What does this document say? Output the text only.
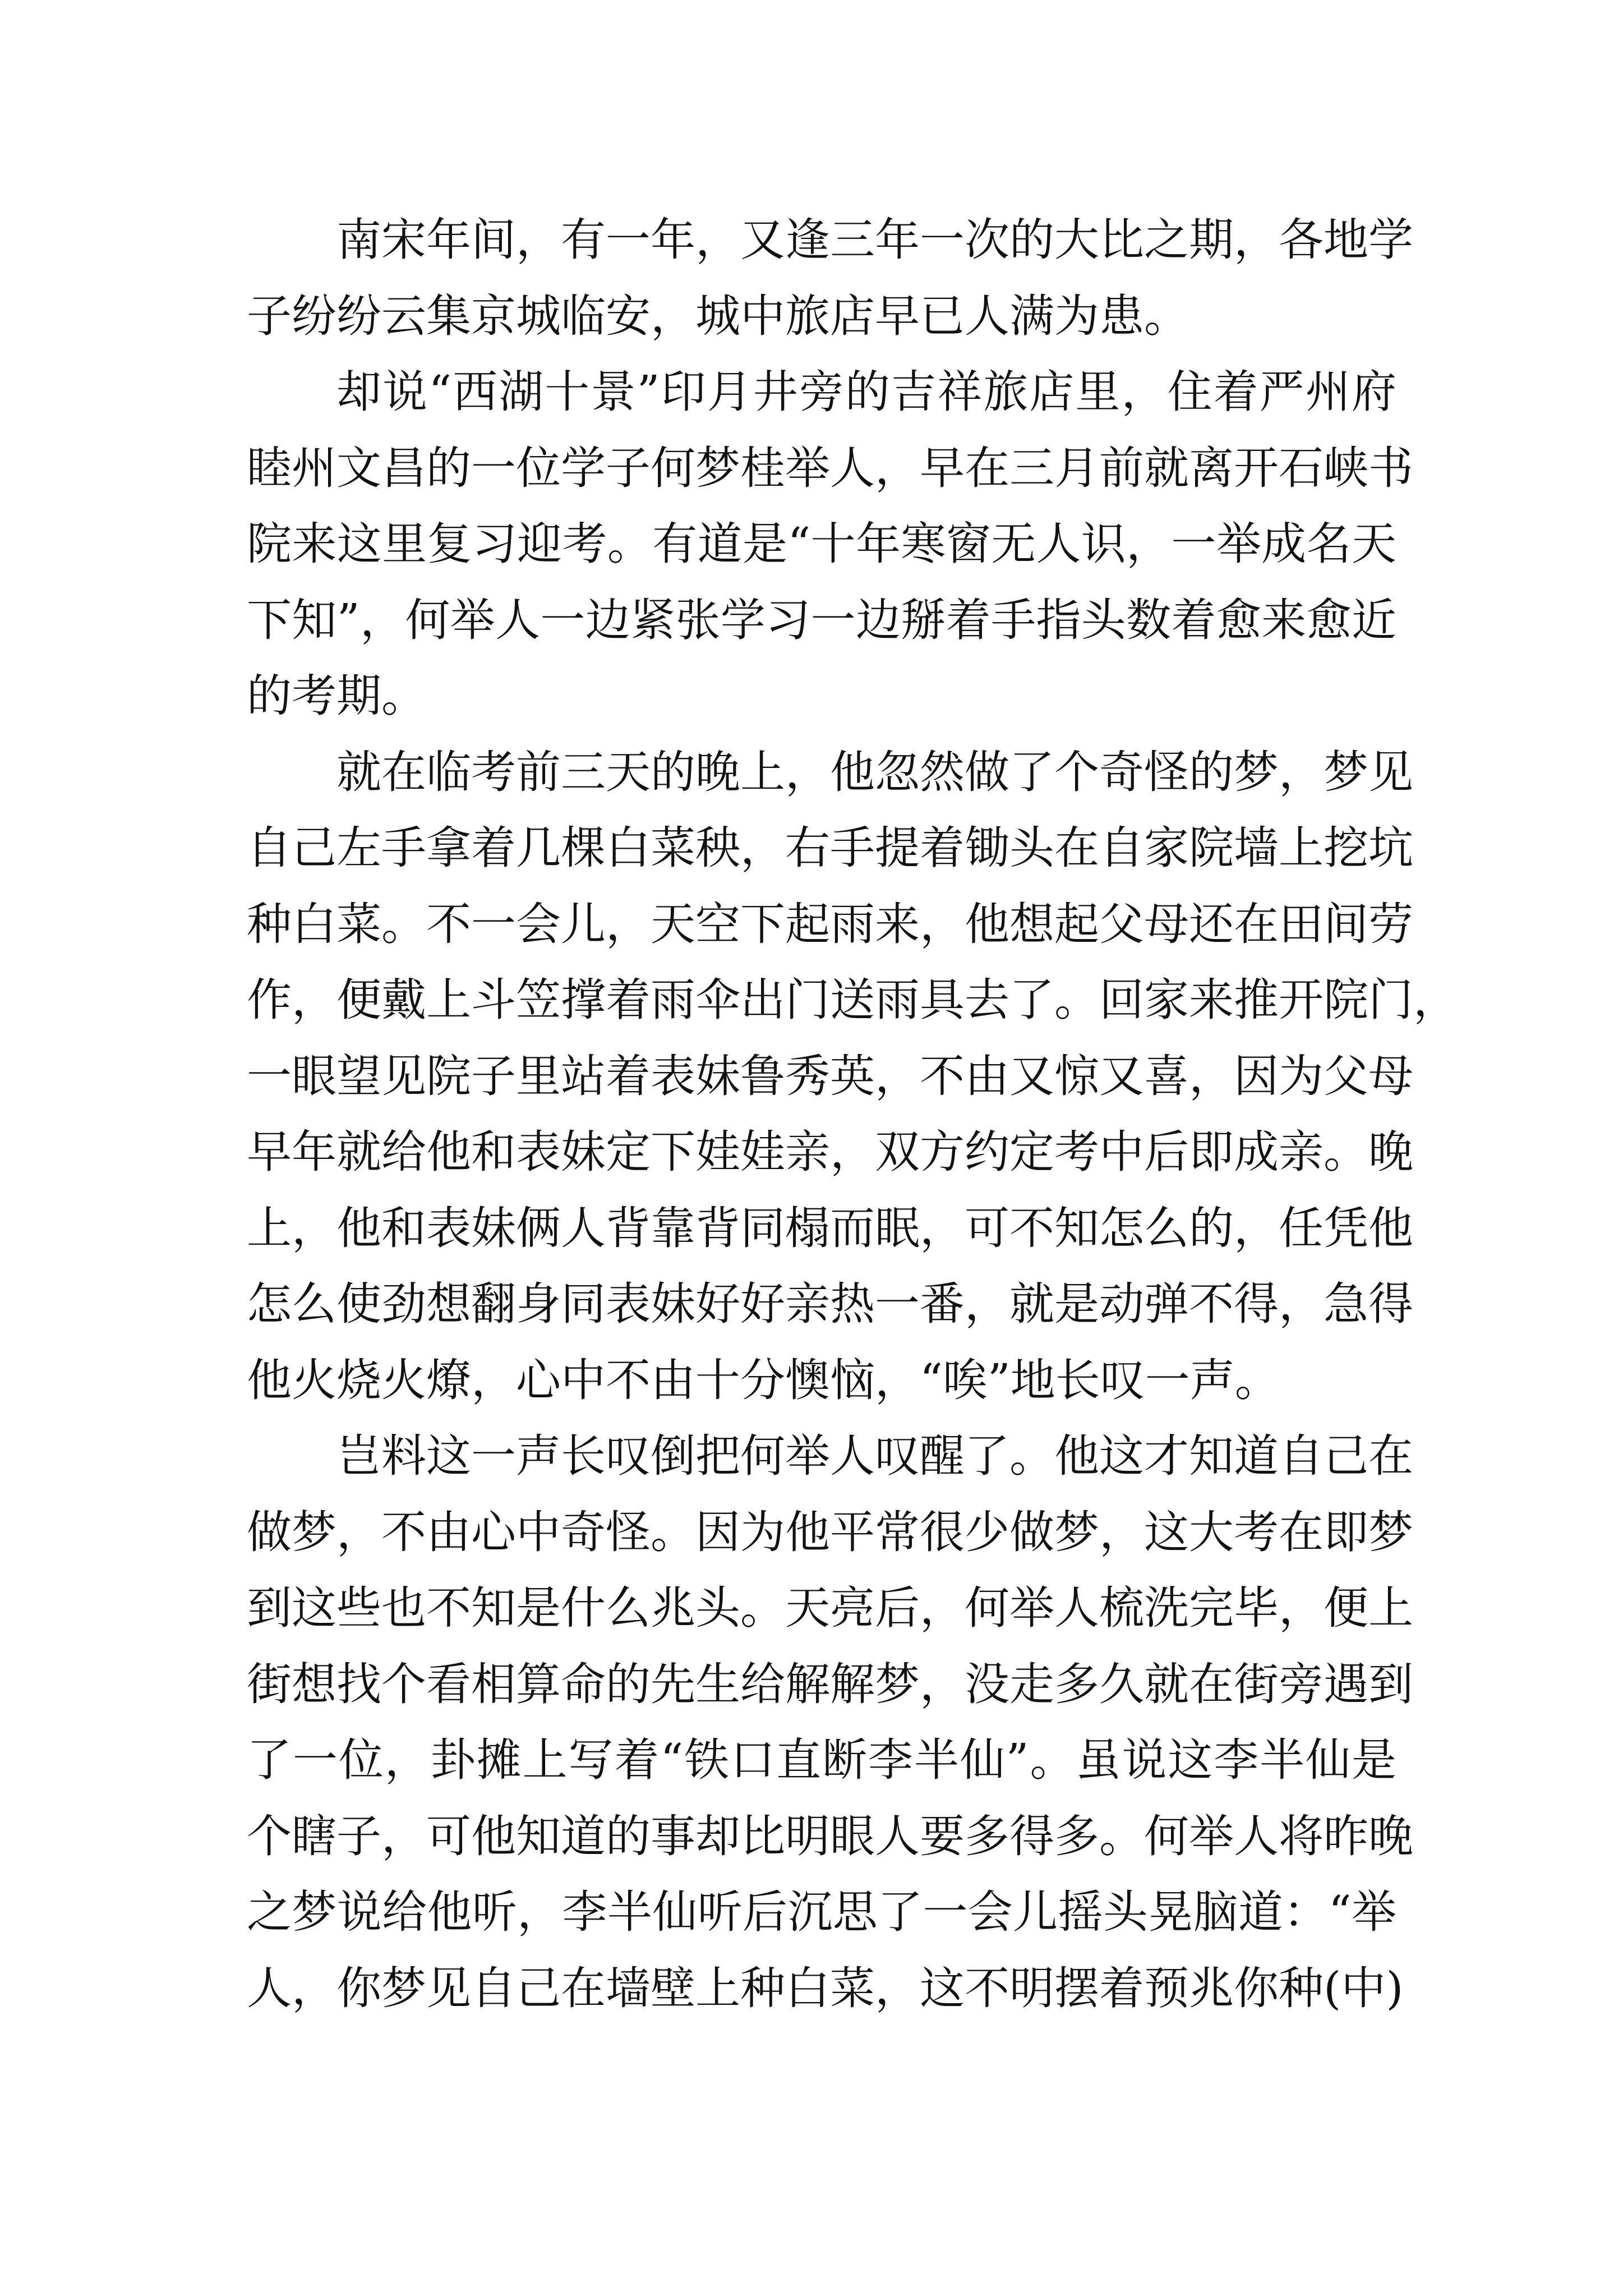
南宋年间，有一年，又逢三年一次的大比之期，各地学
子纷纷云集京城临安，城中旅店早已人满为患。
却说“西湖十景”印月井旁的吉祥旅店里，住着严州府
睦州文昌的一位学子何梦桂举人，早在三月前就离开石峡书
院来这里复习迎考。有道是“十年寒窗无人识，一举成名天
下知”，何举人一边紧张学习一边掰着手指头数着愈来愈近
的考期。
就在临考前三天的晚上，他忽然做了个奇怪的梦，梦见
自己左手拿着几棵白菜秧，右手提着锄头在自家院墙上挖坑
种白菜。不一会儿，天空下起雨来，他想起父母还在田间劳
作，便戴上斗笠撑着雨伞出门送雨具去了。回家来推开院门，
一眼望见院子里站着表妹鲁秀英，不由又惊又喜，因为父母
早年就给他和表妹定下娃娃亲，双方约定考中后即成亲。晚
上，他和表妹俩人背靠背同榻而眠，可不知怎么的，任凭他
怎么使劲想翻身同表妹好好亲热一番，就是动弹不得，急得
他火烧火燎，心中不由十分懊恼，“唉”地长叹一声。
岂料这一声长叹倒把何举人叹醒了。他这才知道自己在
做梦，不由心中奇怪。因为他平常很少做梦，这大考在即梦
到这些也不知是什么兆头。天亮后，何举人梳洗完毕，便上
街想找个看相算命的先生给解解梦，没走多久就在街旁遇到
了一位，卦摊上写着“铁口直断李半仙”。虽说这李半仙是
个瞎子，可他知道的事却比明眼人要多得多。何举人将昨晚
之梦说给他听，李半仙听后沉思了一会儿摇头晃脑道：“举
人，你梦见自己在墙壁上种白菜，这不明摆着预兆你种(中)
